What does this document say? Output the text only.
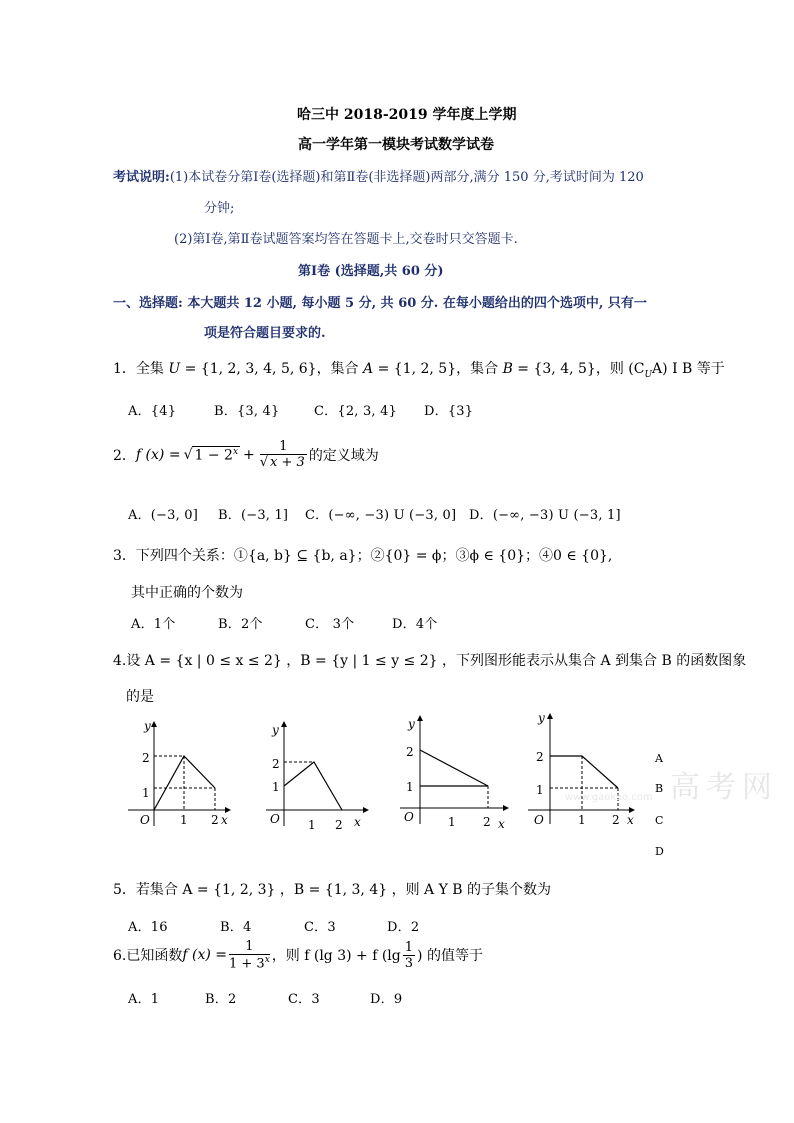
哈三中 2018-2019 学年度上学期
高一学年第一模块考试数学试卷
考试说明:(1)本试卷分第Ⅰ卷(选择题)和第Ⅱ卷(非选择题)两部分,满分 150 分,考试时间为 120
分钟;
(2)第Ⅰ卷,第Ⅱ卷试题答案均答在答题卡上,交卷时只交答题卡.
第Ⅰ卷 (选择题,共 60 分)
一、选择题: 本大题共 12 小题, 每小题 5 分, 共 60 分. 在每小题给出的四个选项中, 只有一
项是符合题目要求的.
1．全集 U = {1, 2, 3, 4, 5, 6}，集合 A = {1, 2, 5}，集合 B = {3, 4, 5}，则 $(C_UA)$ I B 等于
A．{4}	B．{3, 4}	C．{2, 3, 4} D．{3}
2． f (x) = √ $1 - 2^x + \frac{1}{√ x + 3}$ 的定义域为
A．(−3, 0] B．(−3, 1] C．(−∞, −3) U (−3, 0] D．(−∞, −3) U (−3, 1]
3．下列四个关系：①{a, b} ⊆ {b, a}；②{0} = ϕ；③ϕ ∈ {0}；④0 ∈ {0},
其中正确的个数为
A．1个	B．2个	C． 3个	D．4个
4.设 A = {x | 0 ≤ x ≤ 2} ，B = {y | 1 ≤ y ≤ 2} ，下列图形能表示从集合 A 到集合 B 的函数图象
的是
y
x
O
2
1
1 2
y
x
O
2
1
1 2
y
x
O
2
1
1 2
y
x
O
2
1
1 2
A
B
C
D
高考网
www.gaokao.com
5．若集合 A = {1, 2, 3} ，B = {1, 3, 4} ，则 A Y B 的子集个数为
A．16	B．4	C．3	D．2
6.已知函数 f $(x) = \frac{1}{1 + 3^x}$ ，则 f (lg 3) + f ($\lg \frac{1}{3}$ ) 的值等于
A．1	B．2	C．3	D．9
